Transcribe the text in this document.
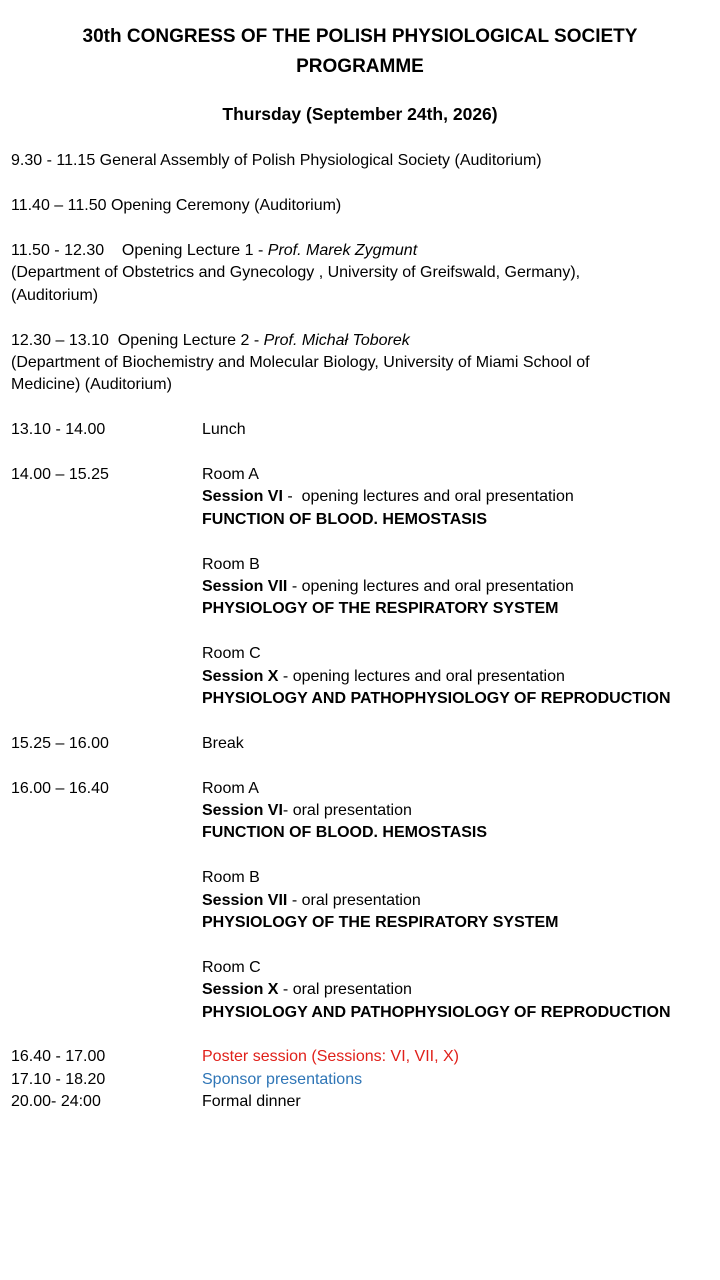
30th CONGRESS OF THE POLISH PHYSIOLOGICAL SOCIETY
PROGRAMME
Thursday (September 24th, 2026)
9.30 - 11.15 General Assembly of Polish Physiological Society (Auditorium)
11.40 – 11.50 Opening Ceremony (Auditorium)
11.50 - 12.30    Opening Lecture 1 - Prof. Marek Zygmunt
(Department of Obstetrics and Gynecology , University of Greifswald, Germany),
(Auditorium)
12.30 – 13.10  Opening Lecture 2 - Prof. Michał Toborek
(Department of Biochemistry and Molecular Biology, University of Miami School of
Medicine) (Auditorium)
13.10 - 14.00	Lunch
14.00 – 15.25	Room A
Session VI -  opening lectures and oral presentation
FUNCTION OF BLOOD. HEMOSTASIS
Room B
Session VII - opening lectures and oral presentation
PHYSIOLOGY OF THE RESPIRATORY SYSTEM
Room C
Session X - opening lectures and oral presentation
PHYSIOLOGY AND PATHOPHYSIOLOGY OF REPRODUCTION
15.25 – 16.00	Break
16.00 – 16.40	Room A
Session VI- oral presentation
FUNCTION OF BLOOD. HEMOSTASIS
Room B
Session VII - oral presentation
PHYSIOLOGY OF THE RESPIRATORY SYSTEM
Room C
Session X - oral presentation
PHYSIOLOGY AND PATHOPHYSIOLOGY OF REPRODUCTION
16.40 - 17.00	Poster session (Sessions: VI, VII, X)
17.10 - 18.20	Sponsor presentations
20.00- 24:00	Formal dinner
